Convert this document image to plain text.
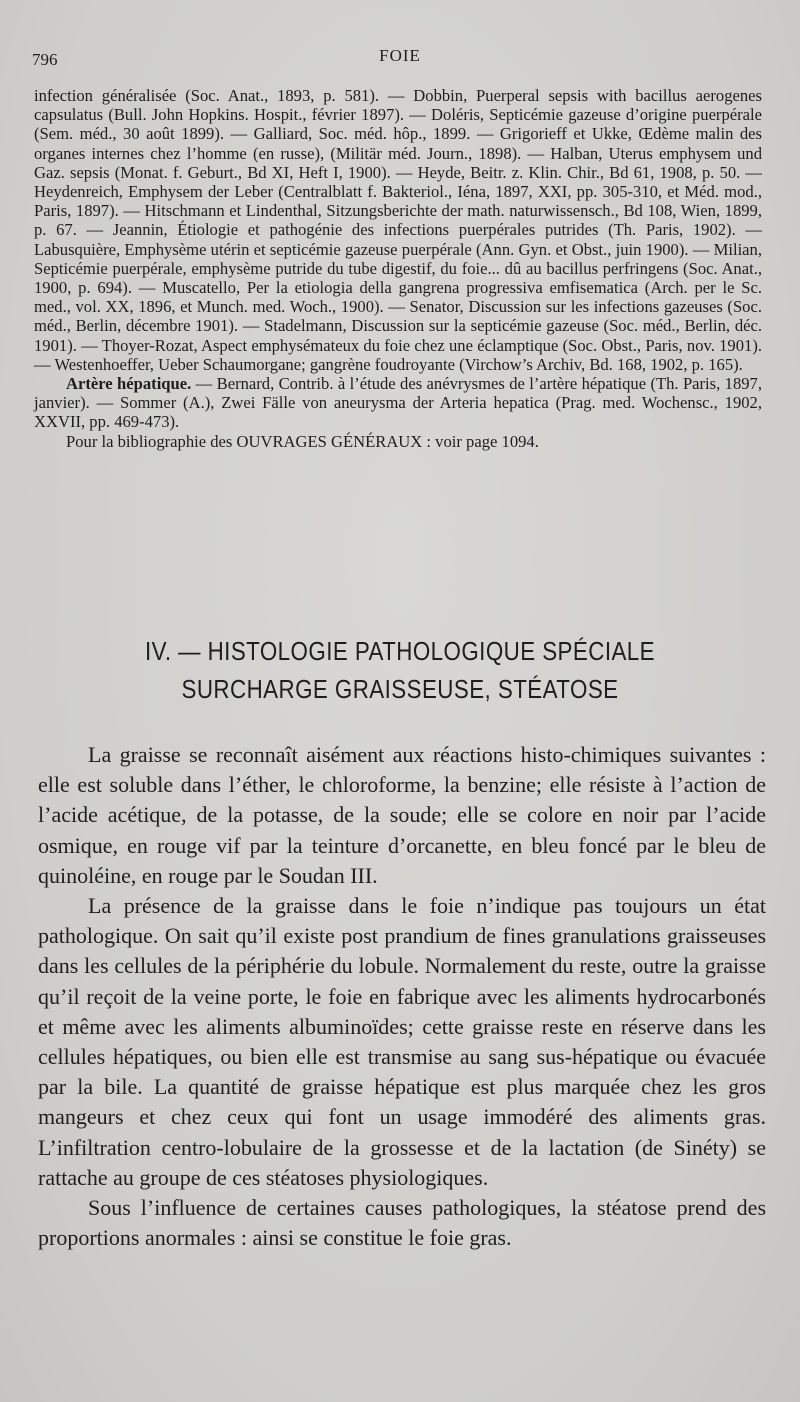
796	FOIE

infection généralisée (Soc. Anat., 1893, p. 581). — Dobbin, Puerperal sepsis with bacillus aerogenes capsulatus (Bull. John Hopkins. Hospit., février 1897). — Doléris, Septicémie gazeuse d’origine puerpérale (Sem. méd., 30 août 1899). — Galliard, Soc. méd. hôp., 1899. — Grigorieff et Ukke, Œdème malin des organes internes chez l’homme (en russe), (Militär méd. Journ., 1898). — Halban, Uterus emphysem und Gaz. sepsis (Monat. f. Geburt., Bd XI, Heft I, 1900). — Heyde, Beitr. z. Klin. Chir., Bd 61, 1908, p. 50. — Heydenreich, Emphysem der Leber (Centralblatt f. Bakteriol., Iéna, 1897, XXI, pp. 305-310, et Méd. mod., Paris, 1897). — Hitschmann et Lindenthal, Sitzungsberichte der math. naturwissensch., Bd 108, Wien, 1899, p. 67. — Jeannin, Étiologie et pathogénie des infections puerpérales putrides (Th. Paris, 1902). — Labusquière, Emphysème utérin et septicémie gazeuse puerpérale (Ann. Gyn. et Obst., juin 1900). — Milian, Septicémie puerpérale, emphysème putride du tube digestif, du foie... dû au bacillus perfringens (Soc. Anat., 1900, p. 694). — Muscatello, Per la etiologia della gangrena progressiva emfisematica (Arch. per le Sc. med., vol. XX, 1896, et Munch. med. Woch., 1900). — Senator, Discussion sur les infections gazeuses (Soc. méd., Berlin, décembre 1901). — Stadelmann, Discussion sur la septicémie gazeuse (Soc. méd., Berlin, déc. 1901). — Thoyer-Rozat, Aspect emphysémateux du foie chez une éclamptique (Soc. Obst., Paris, nov. 1901). — Westenhoeffer, Ueber Schaumorgane; gangrène foudroyante (Virchow’s Archiv, Bd. 168, 1902, p. 165).

Artère hépatique. — Bernard, Contrib. à l’étude des anévrysmes de l’artère hépatique (Th. Paris, 1897, janvier). — Sommer (A.), Zwei Fälle von aneurysma der Arteria hepatica (Prag. med. Wochensc., 1902, XXVII, pp. 469-473).

Pour la bibliographie des OUVRAGES GÉNÉRAUX : voir page 1094.

IV. — HISTOLOGIE PATHOLOGIQUE SPÉCIALE
SURCHARGE GRAISSEUSE, STÉATOSE

La graisse se reconnaît aisément aux réactions histo-chimiques suivantes : elle est soluble dans l’éther, le chloroforme, la benzine; elle résiste à l’action de l’acide acétique, de la potasse, de la soude; elle se colore en noir par l’acide osmique, en rouge vif par la teinture d’orcanette, en bleu foncé par le bleu de quinoléine, en rouge par le Soudan III.

La présence de la graisse dans le foie n’indique pas toujours un état pathologique. On sait qu’il existe post prandium de fines granulations graisseuses dans les cellules de la périphérie du lobule. Normalement du reste, outre la graisse qu’il reçoit de la veine porte, le foie en fabrique avec les aliments hydrocarbonés et même avec les aliments albuminoïdes; cette graisse reste en réserve dans les cellules hépatiques, ou bien elle est transmise au sang sus-hépatique ou évacuée par la bile. La quantité de graisse hépatique est plus marquée chez les gros mangeurs et chez ceux qui font un usage immodéré des aliments gras. L’infiltration centro-lobulaire de la grossesse et de la lactation (de Sinéty) se rattache au groupe de ces stéatoses physiologiques.

Sous l’influence de certaines causes pathologiques, la stéatose prend des proportions anormales : ainsi se constitue le foie gras.
